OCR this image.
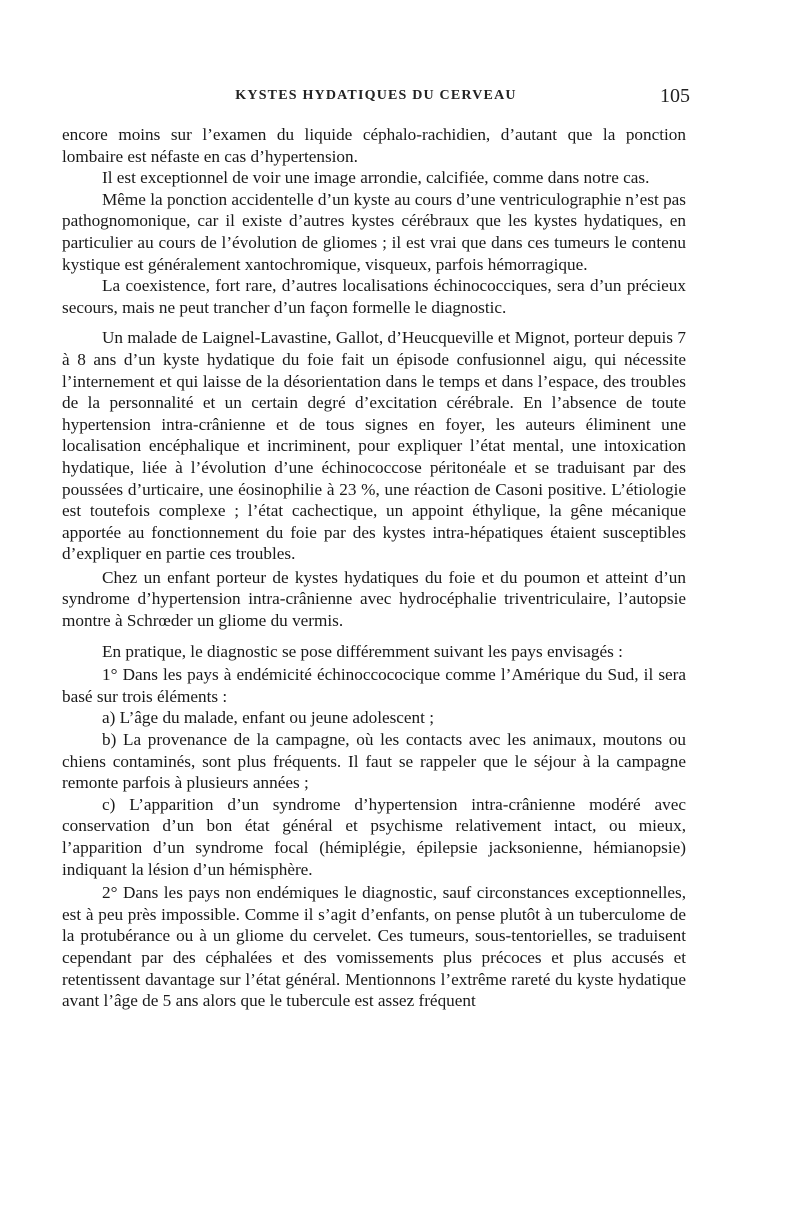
KYSTES HYDATIQUES DU CERVEAU	105

encore moins sur l’examen du liquide céphalo-rachidien, d’autant que la ponction lombaire est néfaste en cas d’hypertension.

Il est exceptionnel de voir une image arrondie, calcifiée, comme dans notre cas.

Même la ponction accidentelle d’un kyste au cours d’une ventriculographie n’est pas pathognomonique, car il existe d’autres kystes cérébraux que les kystes hydatiques, en particulier au cours de l’évolution de gliomes ; il est vrai que dans ces tumeurs le contenu kystique est généralement xantochromique, visqueux, parfois hémorragique.

La coexistence, fort rare, d’autres localisations échinococciques, sera d’un précieux secours, mais ne peut trancher d’un façon formelle le diagnostic.

Un malade de Laignel-Lavastine, Gallot, d’Heucqueville et Mignot, porteur depuis 7 à 8 ans d’un kyste hydatique du foie fait un épisode confusionnel aigu, qui nécessite l’internement et qui laisse de la désorientation dans le temps et dans l’espace, des troubles de la personnalité et un certain degré d’excitation cérébrale. En l’absence de toute hypertension intra-crânienne et de tous signes en foyer, les auteurs éliminent une localisation encéphalique et incriminent, pour expliquer l’état mental, une intoxication hydatique, liée à l’évolution d’une échinococcose péritonéale et se traduisant par des poussées d’urticaire, une éosinophilie à 23 %, une réaction de Casoni positive. L’étiologie est toutefois complexe ; l’état cachectique, un appoint éthylique, la gêne mécanique apportée au fonctionnement du foie par des kystes intra-hépatiques étaient susceptibles d’expliquer en partie ces troubles.

Chez un enfant porteur de kystes hydatiques du foie et du poumon et atteint d’un syndrome d’hypertension intra-crânienne avec hydrocéphalie triventriculaire, l’autopsie montre à Schrœder un gliome du vermis.

En pratique, le diagnostic se pose différemment suivant les pays envisagés :

1° Dans les pays à endémicité échinoccococique comme l’Amérique du Sud, il sera basé sur trois éléments :

a) L’âge du malade, enfant ou jeune adolescent ;

b) La provenance de la campagne, où les contacts avec les animaux, moutons ou chiens contaminés, sont plus fréquents. Il faut se rappeler que le séjour à la campagne remonte parfois à plusieurs années ;

c) L’apparition d’un syndrome d’hypertension intra-crânienne modéré avec conservation d’un bon état général et psychisme relativement intact, ou mieux, l’apparition d’un syndrome focal (hémiplégie, épilepsie jacksonienne, hémianopsie) indiquant la lésion d’un hémisphère.

2° Dans les pays non endémiques le diagnostic, sauf circonstances exceptionnelles, est à peu près impossible. Comme il s’agit d’enfants, on pense plutôt à un tuberculome de la protubérance ou à un gliome du cervelet. Ces tumeurs, sous-tentorielles, se traduisent cependant par des céphalées et des vomissements plus précoces et plus accusés et retentissent davantage sur l’état général. Mentionnons l’extrême rareté du kyste hydatique avant l’âge de 5 ans alors que le tubercule est assez fréquent
